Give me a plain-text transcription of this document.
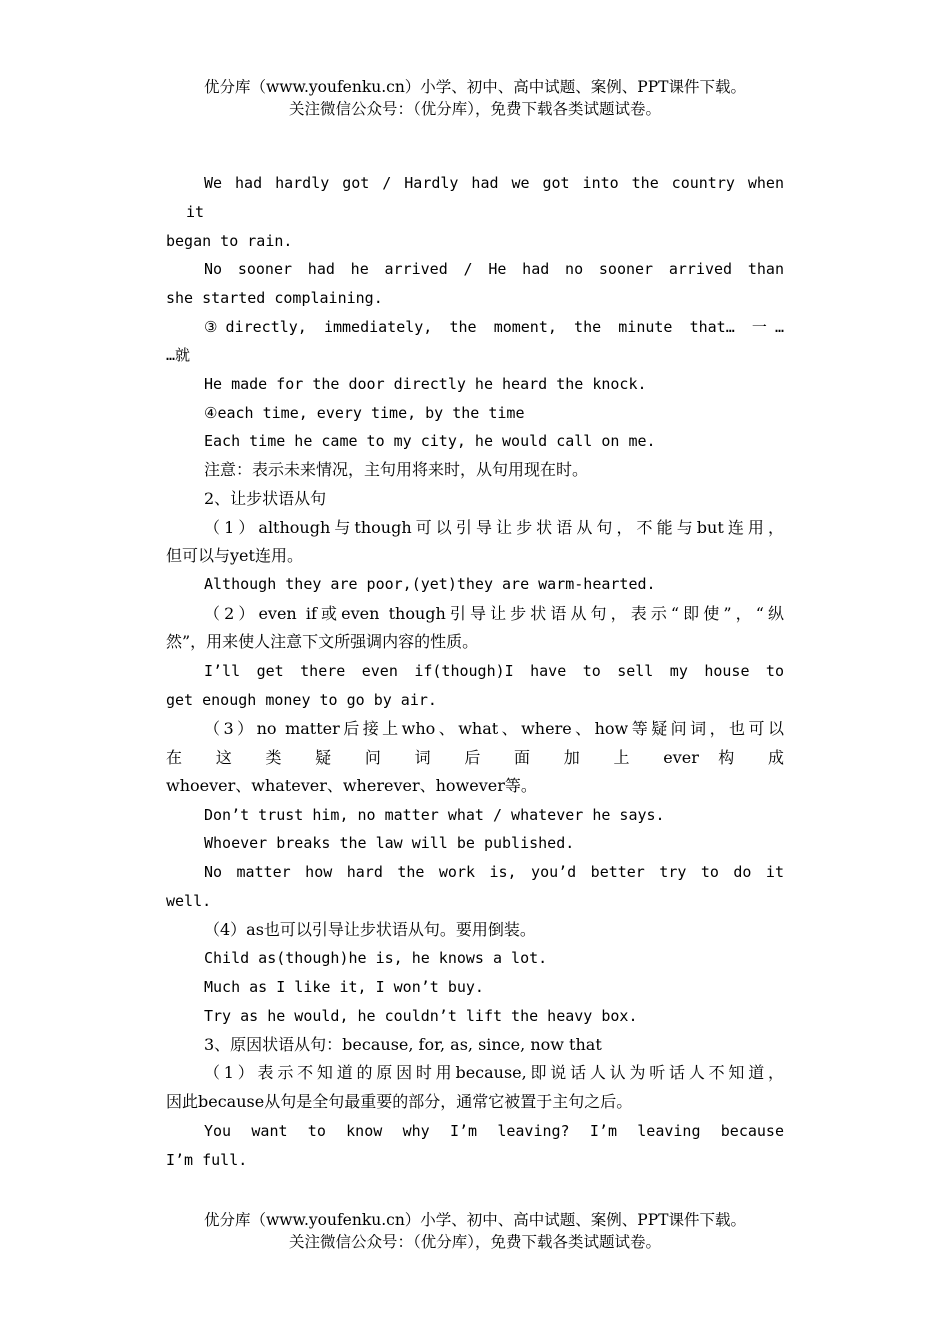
优分库（www.youfenku.cn）小学、初中、高中试题、案例、PPT课件下载。
关注微信公众号：（优分库），免费下载各类试题试卷。
We had hardly got / Hardly had we got into the country when
it
began to rain.
No sooner had he arrived / He had no sooner arrived than
she started complaining.
③directly, immediately, the moment, the minute that… 一…
…就
He made for the door directly he heard the knock.
④each time, every time, by the time
Each time he came to my city, he would call on me.
注意：表示未来情况，主句用将来时，从句用现在时。
2、让步状语从句
（1）although与though可以引导让步状语从句，不能与but连用，
但可以与yet连用。
Although they are poor,(yet)they are warm-hearted.
（2）even if或even though引导让步状语从句，表示“即使”，“纵
然”，用来使人注意下文所强调内容的性质。
I’ll get there even if(though)I have to sell my house to
get enough money to go by air.
（3）no matter后接上who、what、where、how等疑问词，也可以
在 这 类 疑 问 词 后 面 加 上 ever 构 成
whoever、whatever、wherever、however等。
Don’t trust him, no matter what / whatever he says.
Whoever breaks the law will be published.
No matter how hard the work is, you’d better try to do it
well.
（4）as也可以引导让步状语从句。要用倒装。
Child as(though)he is, he knows a lot.
Much as I like it, I won’t buy.
Try as he would, he couldn’t lift the heavy box.
3、原因状语从句：because, for, as, since, now that
（1）表示不知道的原因时用because,即说话人认为听话人不知道，
因此because从句是全句最重要的部分，通常它被置于主句之后。
You want to know why I’m leaving? I’m leaving because
I’m full.
优分库（www.youfenku.cn）小学、初中、高中试题、案例、PPT课件下载。
关注微信公众号：（优分库），免费下载各类试题试卷。
